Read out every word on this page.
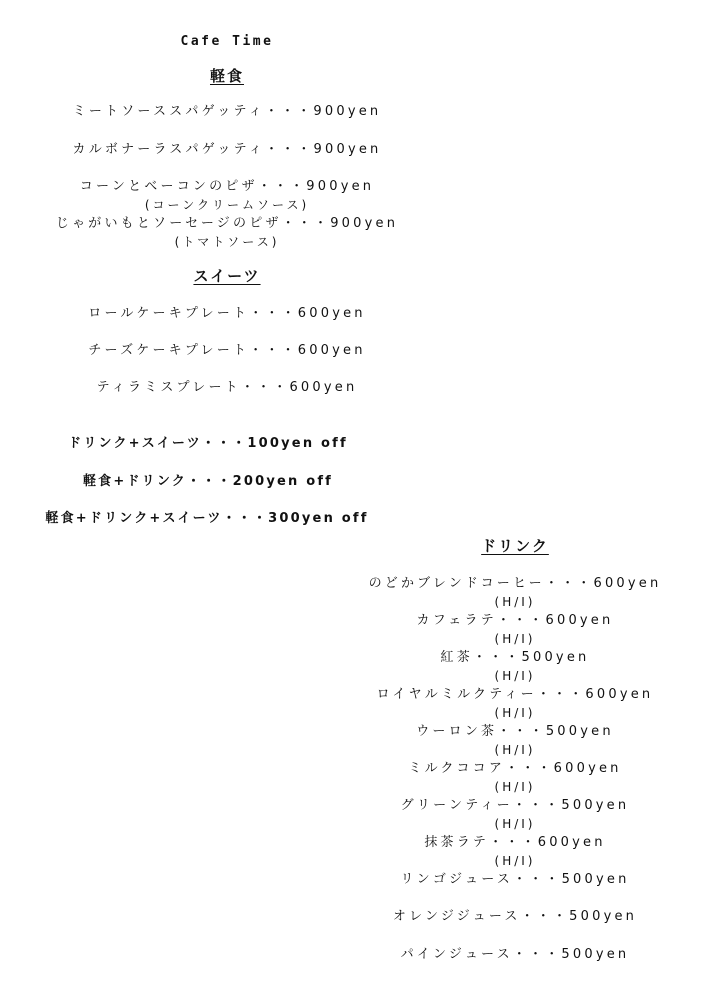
Cafe Time
軽食
ミートソーススパゲッティ・・・900yen
カルボナーラスパゲッティ・・・900yen
コーンとベーコンのピザ・・・900yen
(コーンクリームソース)
じゃがいもとソーセージのピザ・・・900yen
(トマトソース)
スイーツ
ロールケーキプレート・・・600yen
チーズケーキプレート・・・600yen
ティラミスプレート・・・600yen
ドリンク+スイーツ・・・100yen off
軽食+ドリンク・・・200yen off
軽食+ドリンク+スイーツ・・・300yen off
ドリンク
のどかブレンドコーヒー・・・600yen
(H/I)
カフェラテ・・・600yen
(H/I)
紅茶・・・500yen
(H/I)
ロイヤルミルクティー・・・600yen
(H/I)
ウーロン茶・・・500yen
(H/I)
ミルクココア・・・600yen
(H/I)
グリーンティー・・・500yen
(H/I)
抹茶ラテ・・・600yen
(H/I)
リンゴジュース・・・500yen
オレンジジュース・・・500yen
パインジュース・・・500yen
